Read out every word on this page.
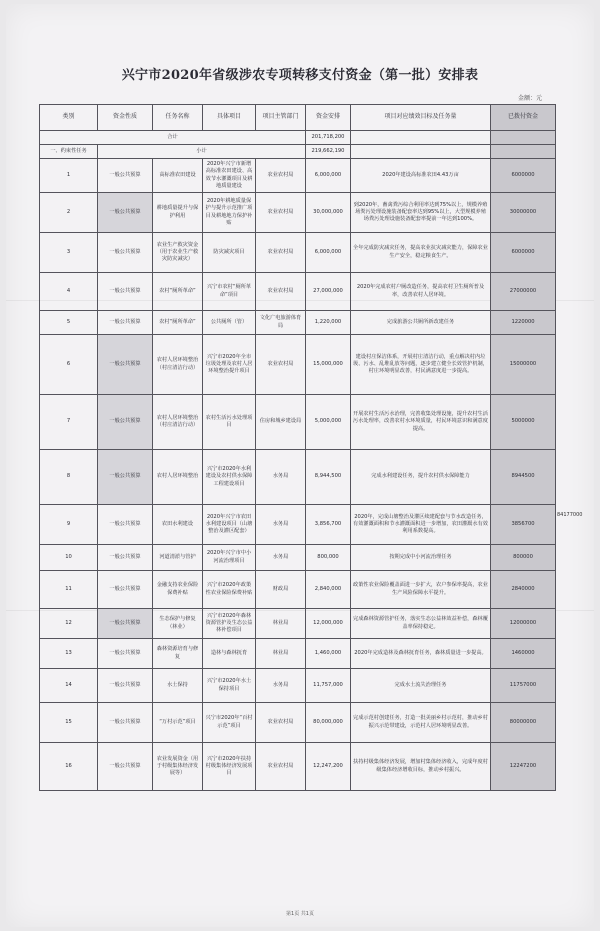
兴宁市2020年省级涉农专项转移支付资金（第一批）安排表
金额：元
类别	资金性质	任务名称	具体项目	项目主管部门	资金安排	项目对应绩效目标及任务量	已拨付资金
合计					201,718,200		
一、约束性任务	小计				219,662,190		
1	一般公共预算	高标准农田建设	2020年兴宁市新增高标准农田建设、高效节水灌溉项目及耕地质量建设	农业农村局	6,000,000	2020年建设高标准农田4.43万亩	6000000
2	一般公共预算	耕地质量提升与保护利用	2020年耕地质量保护与提升示范推广项目及耕地地力保护补贴	农业农村局	30,000,000	到2020年，畜禽粪污综合利用率达到75%以上，规模养殖场粪污处理设施装备配套率达到95%以上，大型规模养殖场粪污处理设施装备配套率提前一年达到100%。	30000000
3	一般公共预算	农业生产救灾资金（用于农业生产救灾防灾减灾）	防灾减灾项目	农业农村局	6,000,000	全年完成防灾减灾任务，提高农业抗灾减灾能力，保障农业生产安全，稳定粮食生产。	6000000
4	一般公共预算	农村“厕所革命”	兴宁市农村“厕所革命”项目	农业农村局	27,000,000	2020年完成农村户厕改造任务，提高农村卫生厕所普及率，改善农村人居环境。	27000000
5	一般公共预算	农村“厕所革命”	公共厕所（管）	文化广电旅游体育局	1,220,000	完成旅游公共厕所新改建任务	1220000
6	一般公共预算	农村人居环境整治（村庄清洁行动）	兴宁市2020年全市垃圾处理及农村人居环境整治提升项目	农业农村局	15,000,000	建设村庄保洁体系，开展村庄清洁行动，重点解决村内垃圾、污水、乱堆乱放等问题，逐步建立健全长效管护机制，村庄环境明显改善，村民满意度进一步提高。	15000000
7	一般公共预算	农村人居环境整治（村庄清洁行动）	农村生活污水处理项目	住房和城乡建设局	5,000,000	开展农村生活污水治理，完善收集处理设施，提升农村生活污水处理率，改善农村水环境质量，村民环境意识和满意度提高。	5000000
8	一般公共预算	农村人居环境整治	兴宁市2020年水利建设及农村供水保障工程建设项目	水务局	8,944,500	完成水利建设任务，提升农村供水保障能力	8944500
9	一般公共预算	农田水利建设	2020年兴宁市农田水利建设项目（山塘整治及灌区配套）	水务局	3,856,700	2020年，完成山塘整治及灌区续建配套与节水改造任务，有效灌溉面积和节水灌溉面积进一步增加，农田灌溉水有效利用系数提高。	3856700
10	一般公共预算	河道清淤与管护	2020年兴宁市中小河流治理项目	水务局	800,000	按期完成中小河流治理任务	800000
11	一般公共预算	金融支持农业保险保费补贴	兴宁市2020年政策性农业保险保费补贴	财政局	2,840,000	政策性农业保险覆盖面进一步扩大，农户参保率提高，农业生产风险保障水平提升。	2840000
12	一般公共预算	生态保护与修复（林业）	兴宁市2020年森林资源管护及生态公益林补偿项目	林业局	12,000,000	完成森林资源管护任务，落实生态公益林效益补偿，森林覆盖率保持稳定。	12000000
13	一般公共预算	森林资源培育与修复	造林与森林抚育	林业局	1,460,000	2020年完成造林及森林抚育任务，森林质量进一步提高。	1460000
14	一般公共预算	水土保持	兴宁市2020年水土保持项目	水务局	11,757,000	完成水土流失治理任务	11757000
15	一般公共预算	“万村示范”项目	兴宁市2020年“百村示范”项目	农业农村局	80,000,000	完成示范村创建任务，打造一批美丽乡村示范村，推动乡村振兴示范带建设，示范村人居环境明显改善。	80000000
16	一般公共预算	农业发展资金（用于村级集体经济发展等）	兴宁市2020年扶持村级集体经济发展项目	农业农村局	12,247,200	扶持村级集体经济发展，增加村集体经济收入，完成年度村级集体经济增收目标，推动乡村振兴。	12247200
第1页 共1页
84177000
